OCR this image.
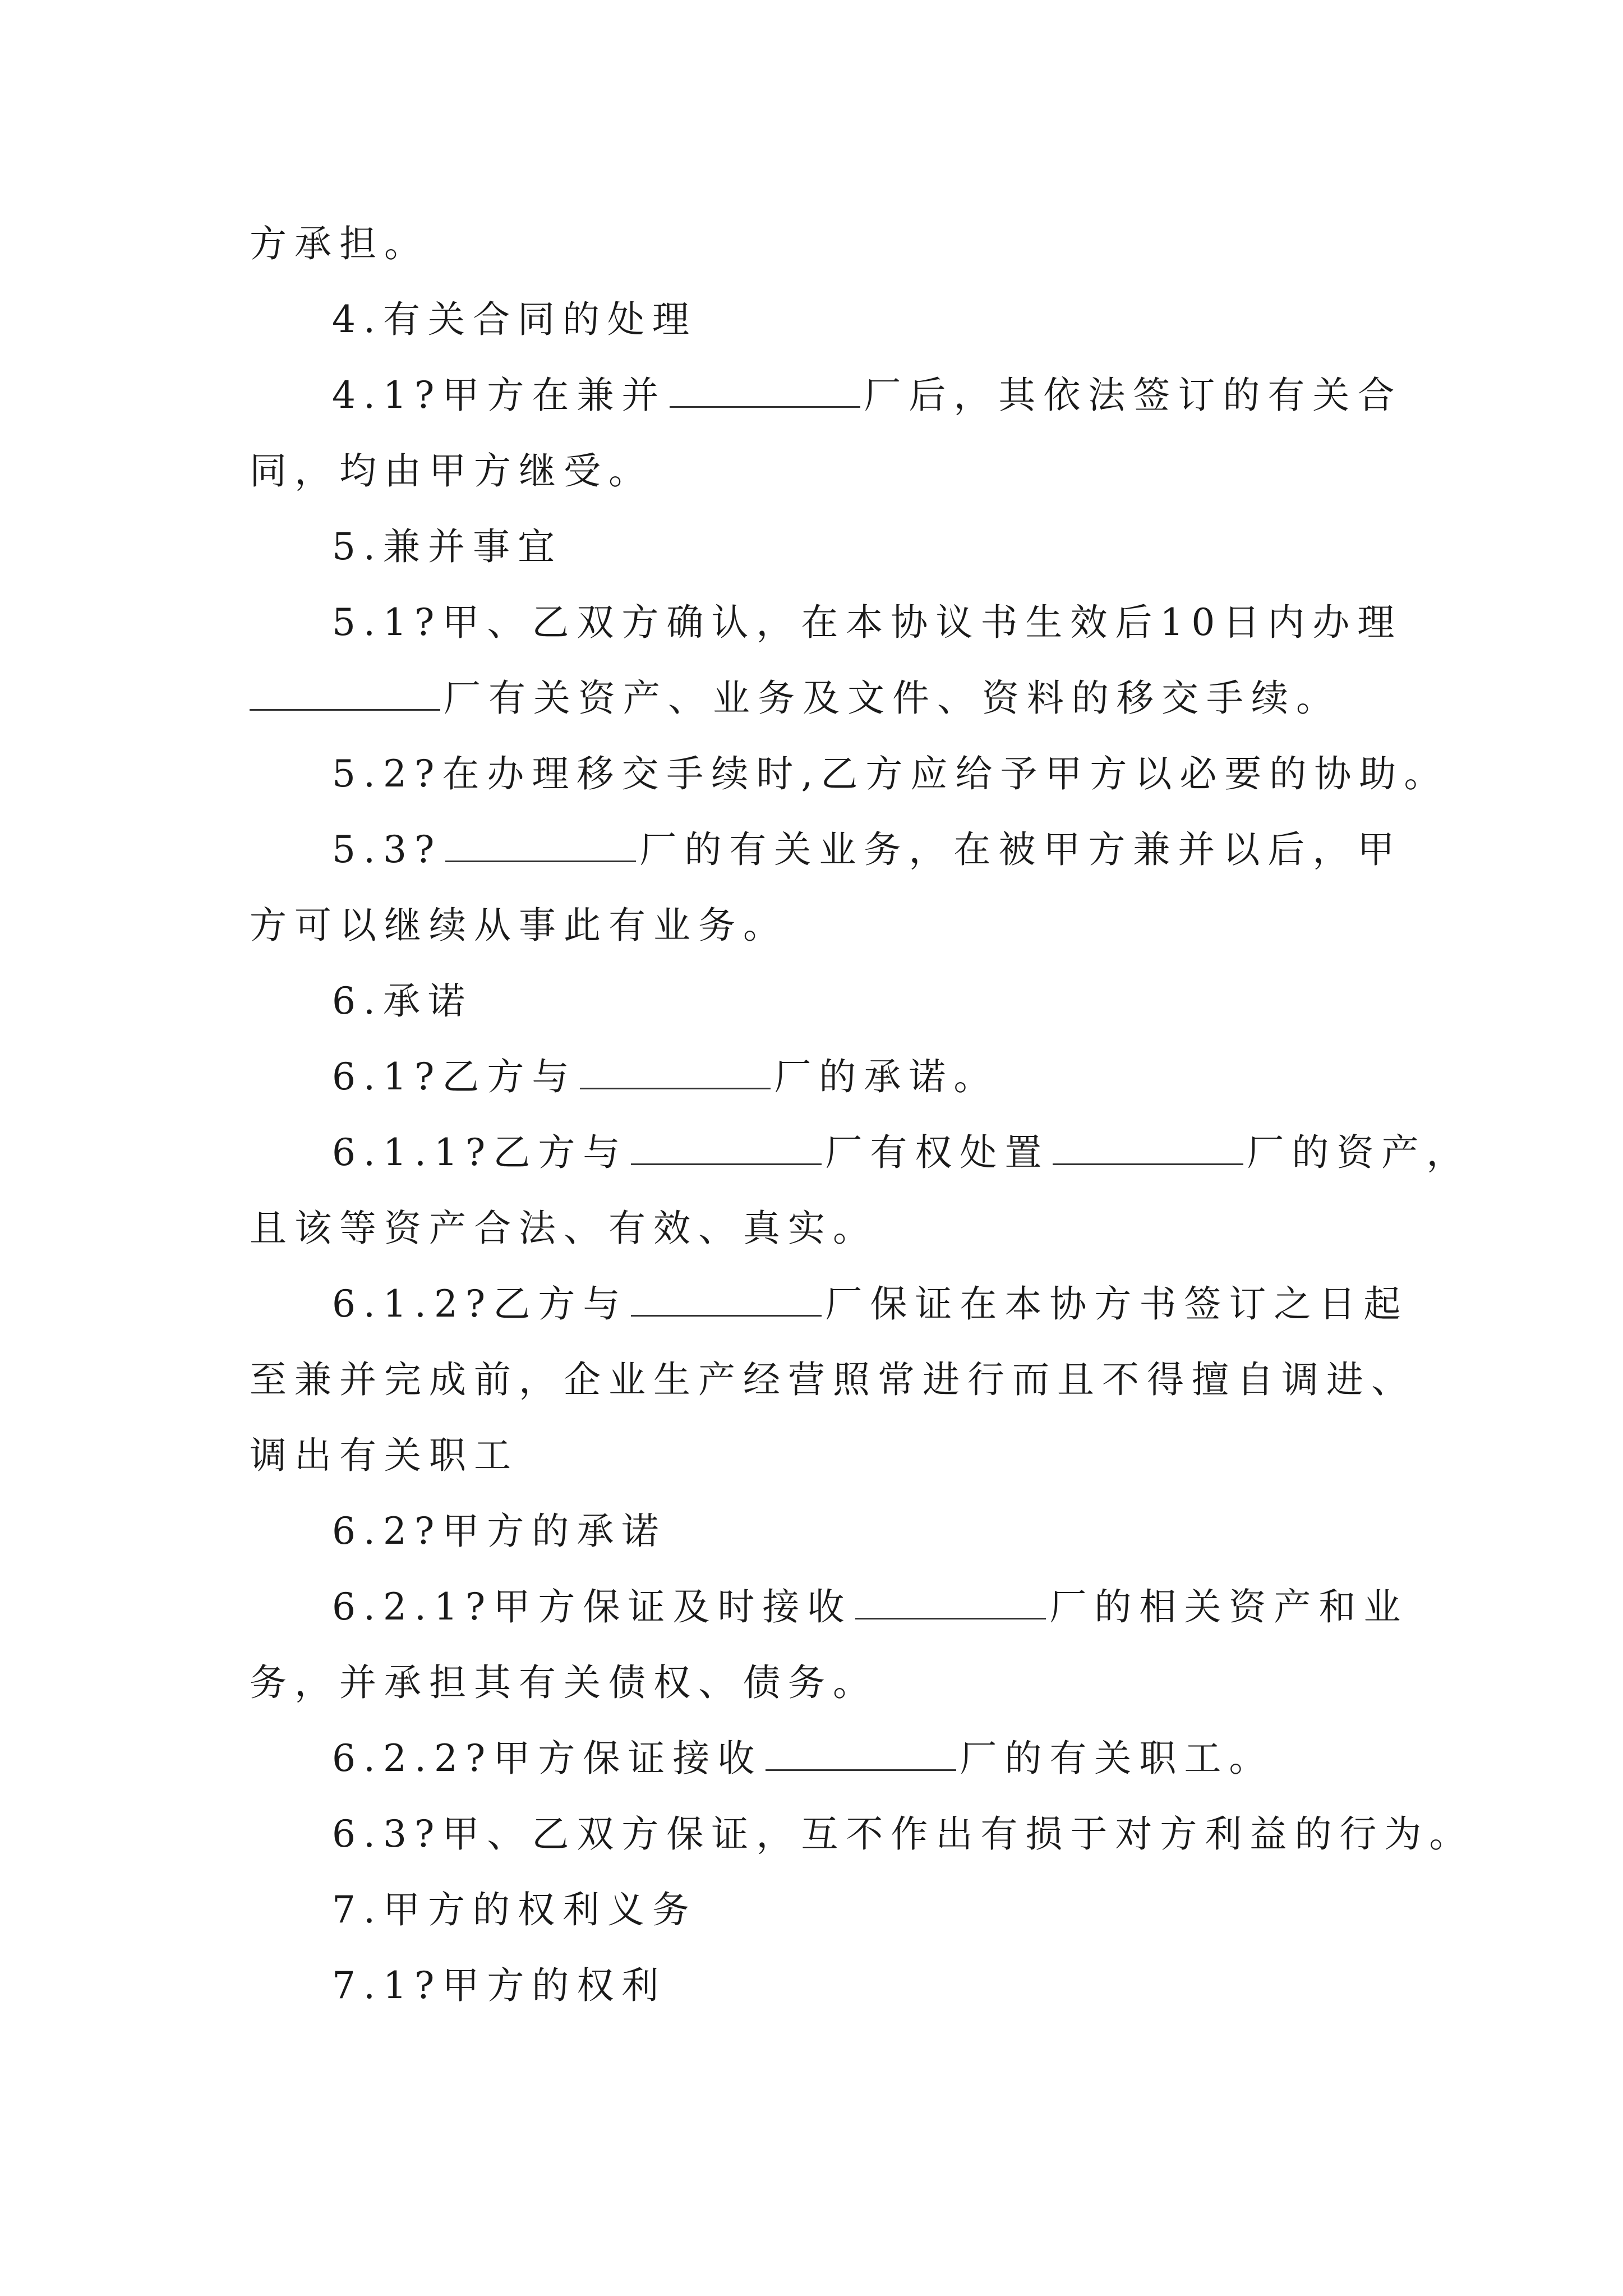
方承担。

4.有关合同的处理

4.1?甲方在兼并	厂后，其依法签订的有关合

同，均由甲方继受。

5.兼并事宜

5.1?甲、乙双方确认，在本协议书生效后10日内办理

厂有关资产、业务及文件、资料的移交手续。

5.2?在办理移交手续时,乙方应给予甲方以必要的协助。

5.3?	厂的有关业务，在被甲方兼并以后，甲

方可以继续从事此有业务。

6.承诺

6.1?乙方与	厂的承诺。

6.1.1?乙方与	厂有权处置	厂的资产，

且该等资产合法、有效、真实。

6.1.2?乙方与	厂保证在本协方书签订之日起

至兼并完成前，企业生产经营照常进行而且不得擅自调进、

调出有关职工

6.2?甲方的承诺

6.2.1?甲方保证及时接收	厂的相关资产和业

务，并承担其有关债权、债务。

6.2.2?甲方保证接收	厂的有关职工。

6.3?甲、乙双方保证，互不作出有损于对方利益的行为。

7.甲方的权利义务

7.1?甲方的权利
